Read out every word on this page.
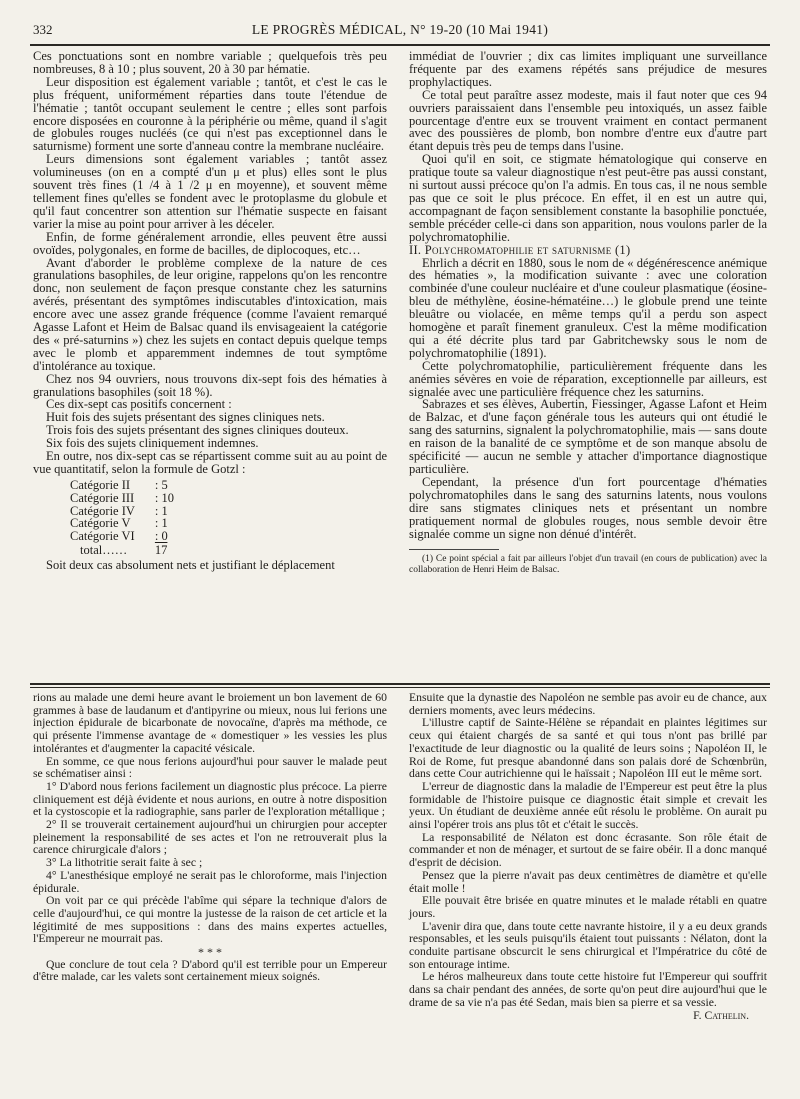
332	LE PROGRÈS MÉDICAL, N° 19-20 (10 Mai 1941)

Ces ponctuations sont en nombre variable ; quelquefois très peu nombreuses, 8 à 10 ; plus souvent, 20 à 30 par hématie.

Leur disposition est également variable ; tantôt, et c'est le cas le plus fréquent, uniformément réparties dans toute l'étendue de l'hématie ; tantôt occupant seulement le centre ; elles sont parfois encore disposées en couronne à la périphérie ou même, quand il s'agit de globules rouges nucléés (ce qui n'est pas exceptionnel dans le saturnisme) forment une sorte d'anneau contre la membrane nucléaire.

Leurs dimensions sont également variables ; tantôt assez volumineuses (on en a compté d'un μ et plus) elles sont le plus souvent très fines (1 /4 à 1 /2 μ en moyenne), et souvent même tellement fines qu'elles se fondent avec le protoplasme du globule et qu'il faut concentrer son attention sur l'hématie suspecte en faisant varier la mise au point pour arriver à les déceler.

Enfin, de forme généralement arrondie, elles peuvent être aussi ovoïdes, polygonales, en forme de bacilles, de diplocoques, etc…

Avant d'aborder le problème complexe de la nature de ces granulations basophiles, de leur origine, rappelons qu'on les rencontre donc, non seulement de façon presque constante chez les saturnins avérés, présentant des symptômes indiscutables d'intoxication, mais encore avec une assez grande fréquence (comme l'avaient remarqué Agasse Lafont et Heim de Balsac quand ils envisageaient la catégorie des « pré-saturnins ») chez les sujets en contact depuis quelque temps avec le plomb et apparemment indemnes de tout symptôme d'intolérance au toxique.

Chez nos 94 ouvriers, nous trouvons dix-sept fois des hématies à granulations basophiles (soit 18 %).

Ces dix-sept cas positifs concernent :

Huit fois des sujets présentant des signes cliniques nets.

Trois fois des sujets présentant des signes cliniques douteux.

Six fois des sujets cliniquement indemnes.

En outre, nos dix-sept cas se répartissent comme suit au au point de vue quantitatif, selon la formule de Gotzl :

Catégorie II	: 5
Catégorie III	: 10
Catégorie IV	: 1
Catégorie V	: 1
Catégorie VI	: 0
total……	17

Soit deux cas absolument nets et justifiant le déplacement

immédiat de l'ouvrier ; dix cas limites impliquant une surveillance fréquente par des examens répétés sans préjudice de mesures prophylactiques.

Ce total peut paraître assez modeste, mais il faut noter que ces 94 ouvriers paraissaient dans l'ensemble peu intoxiqués, un assez faible pourcentage d'entre eux se trouvent vraiment en contact permanent avec des poussières de plomb, bon nombre d'entre eux d'autre part étant depuis très peu de temps dans l'usine.

Quoi qu'il en soit, ce stigmate hématologique qui conserve en pratique toute sa valeur diagnostique n'est peut-être pas aussi constant, ni surtout aussi précoce qu'on l'a admis. En tous cas, il ne nous semble pas que ce soit le plus précoce. En effet, il en est un autre qui, accompagnant de façon sensiblement constante la basophilie ponctuée, semble précéder celle-ci dans son apparition, nous voulons parler de la polychromatophilie.

II. Polychromatophilie et saturnisme (1)

Ehrlich a décrit en 1880, sous le nom de « dégénérescence anémique des hématies », la modification suivante : avec une coloration combinée d'une couleur nucléaire et d'une couleur plasmatique (éosine-bleu de méthylène, éosine-hématéine…) le globule prend une teinte bleuâtre ou violacée, en même temps qu'il a perdu son aspect homogène et paraît finement granuleux. C'est la même modification qui a été décrite plus tard par Gabritchewsky sous le nom de polychromatophilie (1891).

Cette polychromatophilie, particulièrement fréquente dans les anémies sévères en voie de réparation, exceptionnelle par ailleurs, est signalée avec une particulière fréquence chez les saturnins.

Sabrazes et ses élèves, Aubertin, Fiessinger, Agasse Lafont et Heim de Balzac, et d'une façon générale tous les auteurs qui ont étudié le sang des saturnins, signalent la polychromatophilie, mais — sans doute en raison de la banalité de ce symptôme et de son manque absolu de spécificité — aucun ne semble y attacher d'importance diagnostique particulière.

Cependant, la présence d'un fort pourcentage d'hématies polychromatophiles dans le sang des saturnins latents, nous voulons dire sans stigmates cliniques nets et présentant un nombre pratiquement normal de globules rouges, nous semble devoir être signalée comme un signe non dénué d'intérêt.

(1) Ce point spécial a fait par ailleurs l'objet d'un travail (en cours de publication) avec la collaboration de Henri Heim de Balsac.

rions au malade une demi heure avant le broiement un bon lavement de 60 grammes à base de laudanum et d'antipyrine ou mieux, nous lui ferions une injection épidurale de bicarbonate de novocaïne, d'après ma méthode, ce qui présente l'immense avantage de « domestiquer » les vessies les plus intolérantes et d'augmenter la capacité vésicale.

En somme, ce que nous ferions aujourd'hui pour sauver le malade peut se schématiser ainsi :

1° D'abord nous ferions facilement un diagnostic plus précoce. La pierre cliniquement est déjà évidente et nous aurions, en outre à notre disposition et la cystoscopie et la radiographie, sans parler de l'exploration métallique ;

2° Il se trouverait certainement aujourd'hui un chirurgien pour accepter pleinement la responsabilité de ses actes et l'on ne retrouverait plus la carence chirurgicale d'alors ;

3° La lithotritie serait faite à sec ;

4° L'anesthésique employé ne serait pas le chloroforme, mais l'injection épidurale.

On voit par ce qui précède l'abîme qui sépare la technique d'alors de celle d'aujourd'hui, ce qui montre la justesse de la raison de cet article et la légitimité de mes suppositions : dans des mains expertes actuelles, l'Empereur ne mourrait pas.

* * *

Que conclure de tout cela ? D'abord qu'il est terrible pour un Empereur d'être malade, car les valets sont certainement mieux soignés.

Ensuite que la dynastie des Napoléon ne semble pas avoir eu de chance, aux derniers moments, avec leurs médecins.

L'illustre captif de Sainte-Hélène se répandait en plaintes légitimes sur ceux qui étaient chargés de sa santé et qui tous n'ont pas brillé par l'exactitude de leur diagnostic ou la qualité de leurs soins ; Napoléon II, le Roi de Rome, fut presque abandonné dans son palais doré de Schœnbrün, dans cette Cour autrichienne qui le haïssait ; Napoléon III eut le même sort.

L'erreur de diagnostic dans la maladie de l'Empereur est peut être la plus formidable de l'histoire puisque ce diagnostic était simple et crevait les yeux. Un étudiant de deuxième année eût résolu le problème. On aurait pu ainsi l'opérer trois ans plus tôt et c'était le succès.

La responsabilité de Nélaton est donc écrasante. Son rôle était de commander et non de ménager, et surtout de se faire obéir. Il a donc manqué d'esprit de décision.

Pensez que la pierre n'avait pas deux centimètres de diamètre et qu'elle était molle !

Elle pouvait être brisée en quatre minutes et le malade rétabli en quatre jours.

L'avenir dira que, dans toute cette navrante histoire, il y a eu deux grands responsables, et les seuls puisqu'ils étaient tout puissants : Nélaton, dont la conduite partisane obscurcit le sens chirurgical et l'Impératrice du côté de son entourage intime.

Le héros malheureux dans toute cette histoire fut l'Empereur qui souffrit dans sa chair pendant des années, de sorte qu'on peut dire aujourd'hui que le drame de sa vie n'a pas été Sedan, mais bien sa pierre et sa vessie.

F. Cathelin.
